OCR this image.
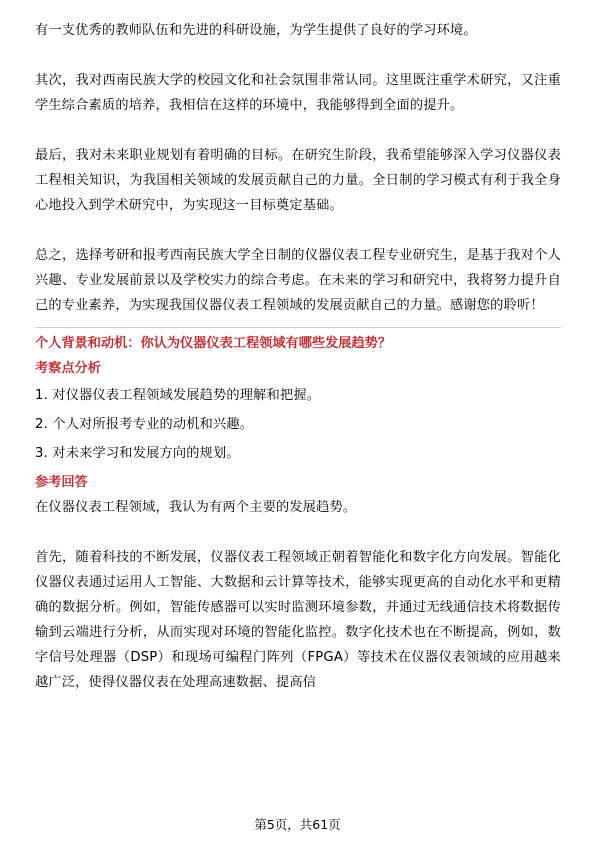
有一支优秀的教师队伍和先进的科研设施，为学生提供了良好的学习环境。

其次，我对西南民族大学的校园文化和社会氛围非常认同。这里既注重学术研究，又注重学生综合素质的培养，我相信在这样的环境中，我能够得到全面的提升。

最后，我对未来职业规划有着明确的目标。在研究生阶段，我希望能够深入学习仪器仪表工程相关知识，为我国相关领域的发展贡献自己的力量。全日制的学习模式有利于我全身心地投入到学术研究中，为实现这一目标奠定基础。

总之，选择考研和报考西南民族大学全日制的仪器仪表工程专业研究生，是基于我对个人兴趣、专业发展前景以及学校实力的综合考虑。在未来的学习和研究中，我将努力提升自己的专业素养，为实现我国仪器仪表工程领域的发展贡献自己的力量。感谢您的聆听！

个人背景和动机：你认为仪器仪表工程领域有哪些发展趋势？

考察点分析

1. 对仪器仪表工程领域发展趋势的理解和把握。

2. 个人对所报考专业的动机和兴趣。

3. 对未来学习和发展方向的规划。

参考回答

在仪器仪表工程领域，我认为有两个主要的发展趋势。

首先，随着科技的不断发展，仪器仪表工程领域正朝着智能化和数字化方向发展。智能化仪器仪表通过运用人工智能、大数据和云计算等技术，能够实现更高的自动化水平和更精确的数据分析。例如，智能传感器可以实时监测环境参数，并通过无线通信技术将数据传输到云端进行分析，从而实现对环境的智能化监控。数字化技术也在不断提高，例如，数字信号处理器（DSP）和现场可编程门阵列（FPGA）等技术在仪器仪表领域的应用越来越广泛，使得仪器仪表在处理高速数据、提高信

第5页，共61页
